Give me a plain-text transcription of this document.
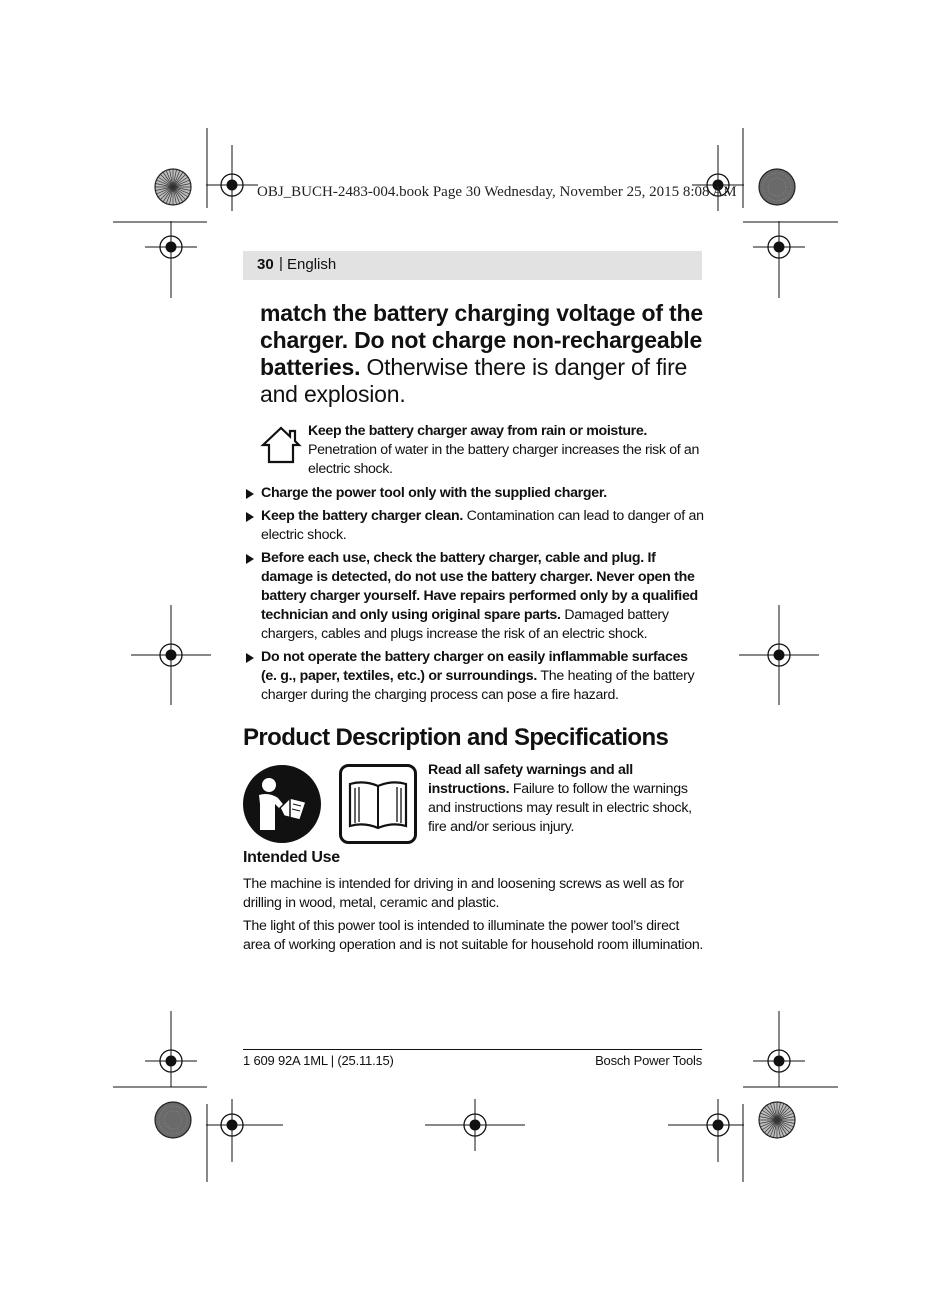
OBJ_BUCH-2483-004.book Page 30 Wednesday, November 25, 2015 8:08 AM
30 | English
match the battery charging voltage of the charger. Do not charge non-rechargeable batteries. Otherwise there is danger of fire and explosion.
Keep the battery charger away from rain or moisture. Penetration of water in the battery charger increases the risk of an electric shock.
Charge the power tool only with the supplied charger.
Keep the battery charger clean. Contamination can lead to danger of an electric shock.
Before each use, check the battery charger, cable and plug. If damage is detected, do not use the battery charger. Never open the battery charger yourself. Have repairs performed only by a qualified technician and only using original spare parts. Damaged battery chargers, cables and plugs increase the risk of an electric shock.
Do not operate the battery charger on easily inflammable surfaces (e. g., paper, textiles, etc.) or surroundings. The heating of the battery charger during the charging process can pose a fire hazard.
Product Description and Specifications
Read all safety warnings and all instructions. Failure to follow the warnings and instructions may result in electric shock, fire and/or serious injury.
Intended Use
The machine is intended for driving in and loosening screws as well as for drilling in wood, metal, ceramic and plastic.
The light of this power tool is intended to illuminate the power tool’s direct area of working operation and is not suitable for household room illumination.
1 609 92A 1ML | (25.11.15)	Bosch Power Tools
